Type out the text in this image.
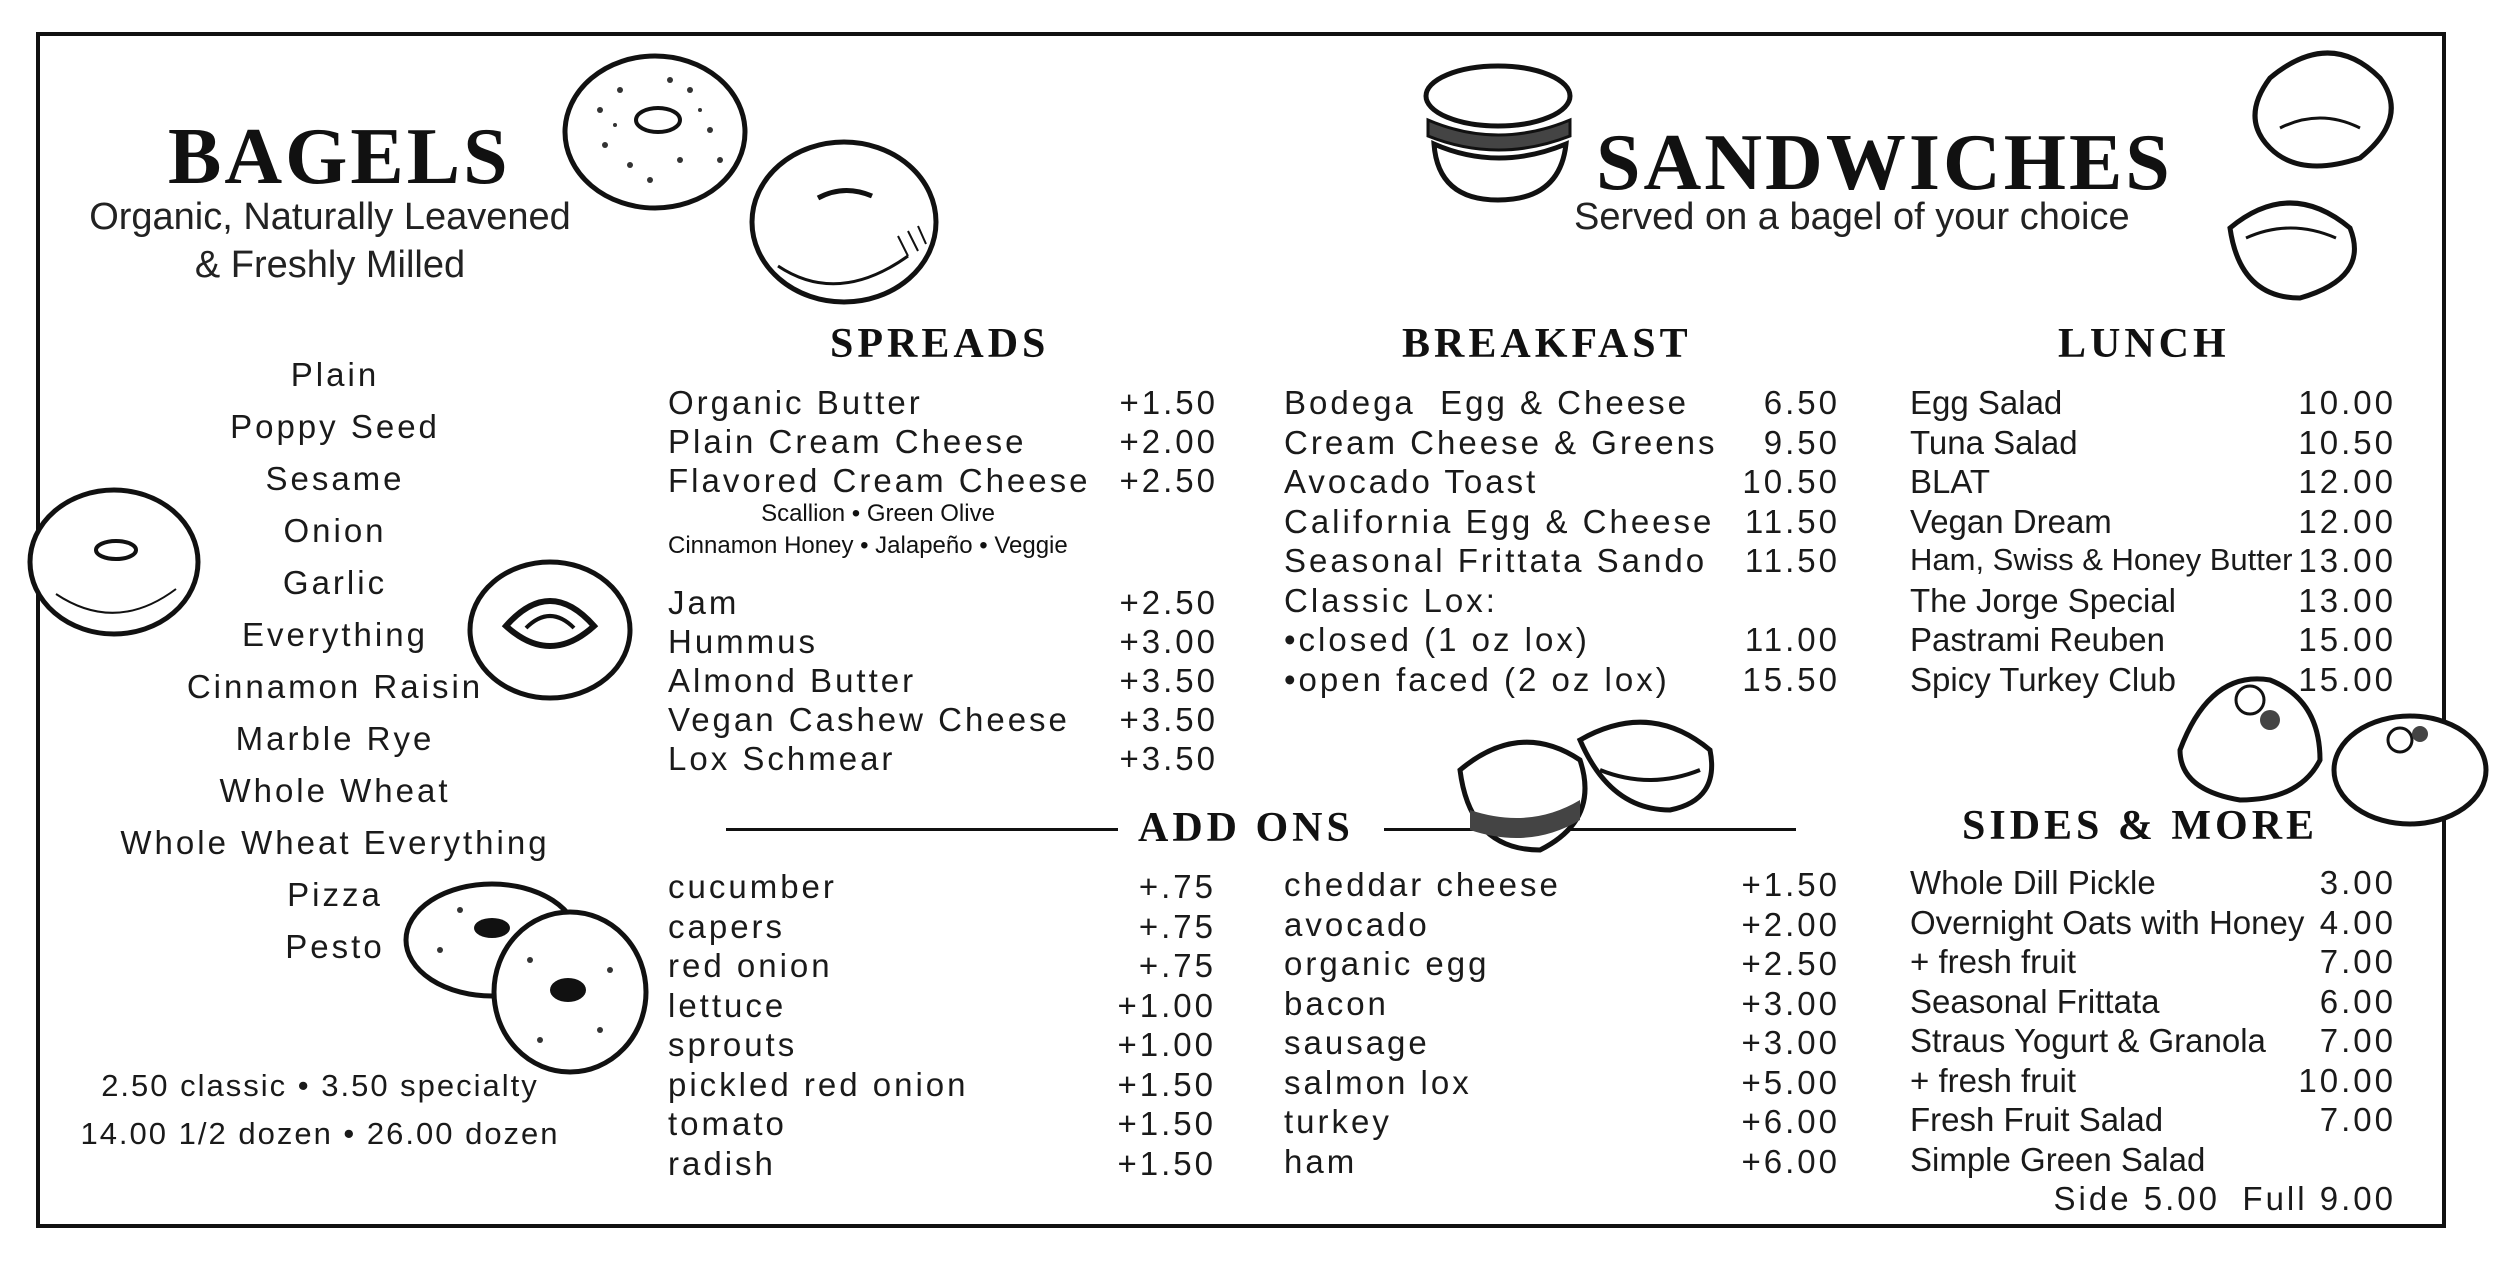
BAGELS
Organic, Naturally Leavened
& Freshly Milled
Plain
Poppy Seed
Sesame
Onion
Garlic
Everything
Cinnamon Raisin
Marble Rye
Whole Wheat
Whole Wheat Everything
Pizza
Pesto
2.50 classic • 3.50 specialty
14.00 1/2 dozen • 26.00 dozen
SANDWICHES
Served on a bagel of your choice
SPREADS
Organic Butter	+1.50
Plain Cream Cheese	+2.00
Flavored Cream Cheese +2.50
Scallion • Green Olive
Cinnamon Honey • Jalapeño • Veggie
Jam	+2.50
Hummus	+3.00
Almond Butter	+3.50
Vegan Cashew Cheese +3.50
Lox Schmear	+3.50
BREAKFAST
Bodega  Egg & Cheese 6.50
Cream Cheese & Greens 9.50
Avocado Toast	10.50
California Egg & Cheese 11.50
Seasonal Frittata Sando 11.50
Classic Lox:
•closed (1 oz lox)	11.00
•open faced (2 oz lox) 15.50
LUNCH
Egg Salad	10.00
Tuna Salad	10.50
BLAT	12.00
Vegan Dream	12.00
Ham, Swiss & Honey Butter 13.00
The Jorge Special	13.00
Pastrami Reuben	15.00
Spicy Turkey Club	15.00
ADD ONS
cucumber	+.75
capers	+.75
red onion	+.75
lettuce	+1.00
sprouts	+1.00
pickled red onion	+1.50
tomato	+1.50
radish	+1.50
cheddar cheese	+1.50
avocado	+2.00
organic egg	+2.50
bacon	+3.00
sausage	+3.00
salmon lox	+5.00
turkey	+6.00
ham	+6.00
SIDES & MORE
Whole Dill Pickle	3.00
Overnight Oats with Honey 4.00
+ fresh fruit	7.00
Seasonal Frittata	6.00
Straus Yogurt & Granola 7.00
+ fresh fruit	10.00
Fresh Fruit Salad	7.00
Simple Green Salad
Side 5.00 Full 9.00
